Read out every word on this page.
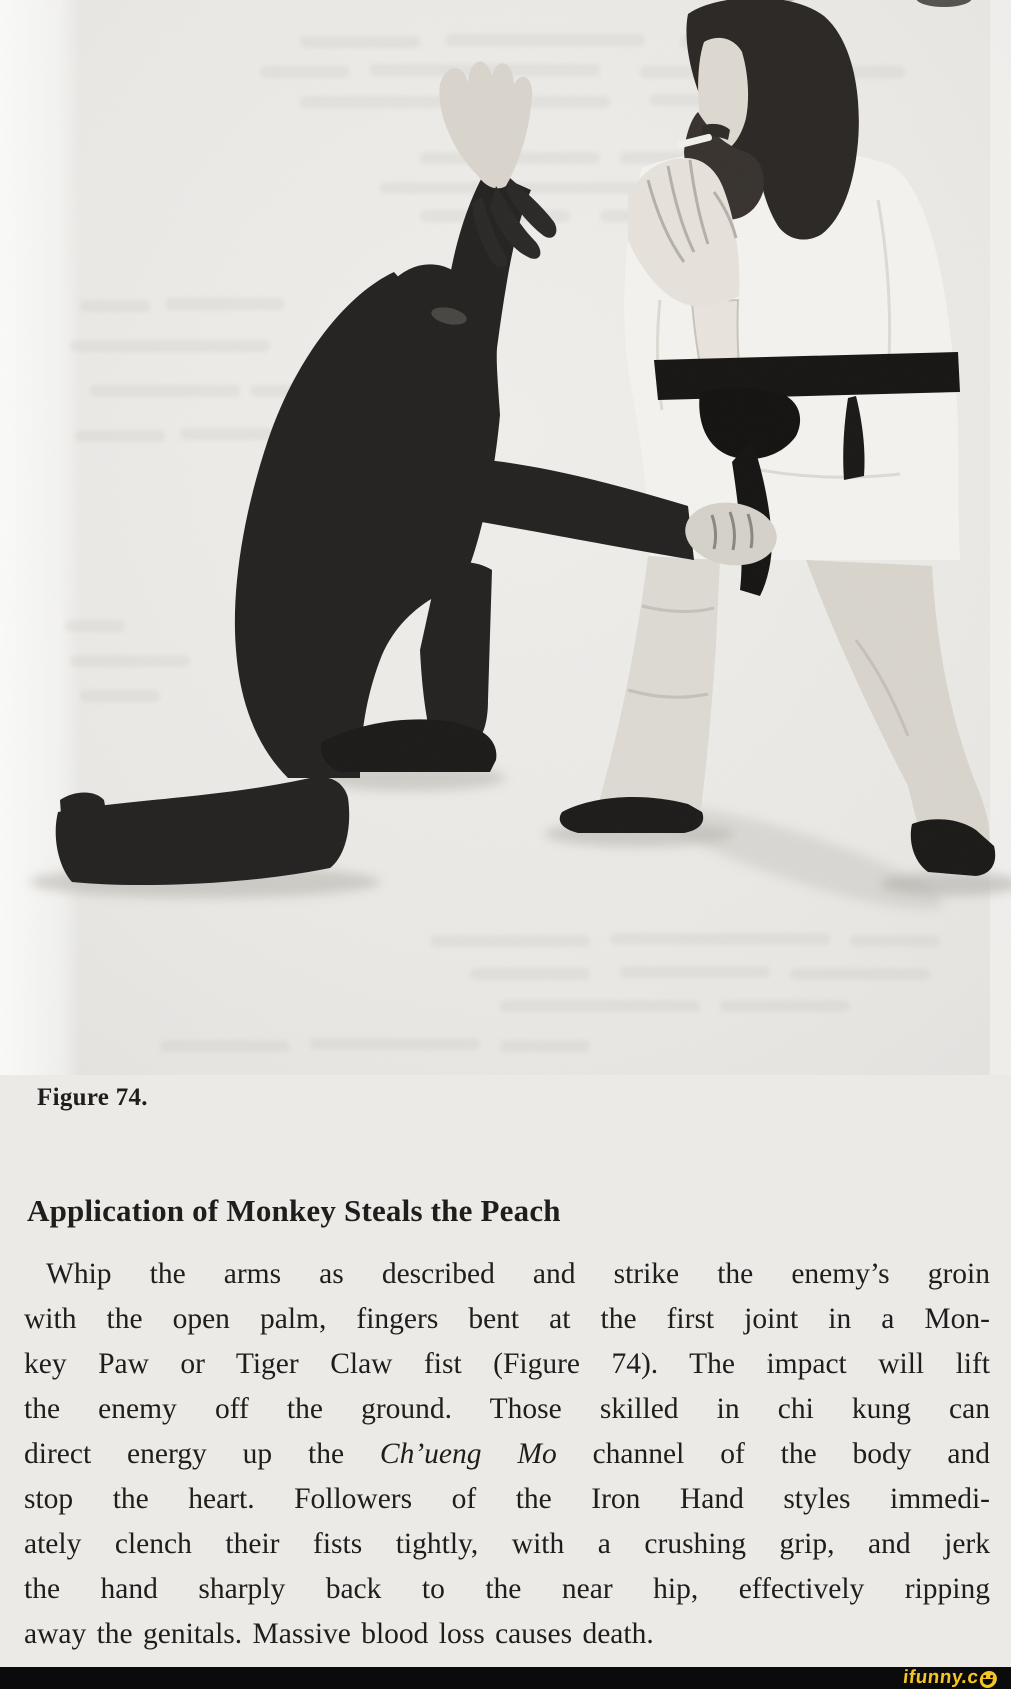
Figure 74.
Application of Monkey Steals the Peach
Whip the arms as described and strike the enemy’s groin
with the open palm, fingers bent at the first joint in a Mon-
key Paw or Tiger Claw fist (Figure 74). The impact will lift
the enemy off the ground. Those skilled in chi kung can
direct energy up the Ch’ueng Mo channel of the body and
stop the heart. Followers of the Iron Hand styles immedi-
ately clench their fists tightly, with a crushing grip, and jerk
the hand sharply back to the near hip, effectively ripping
away the genitals. Massive blood loss causes death.
ifunny.c
